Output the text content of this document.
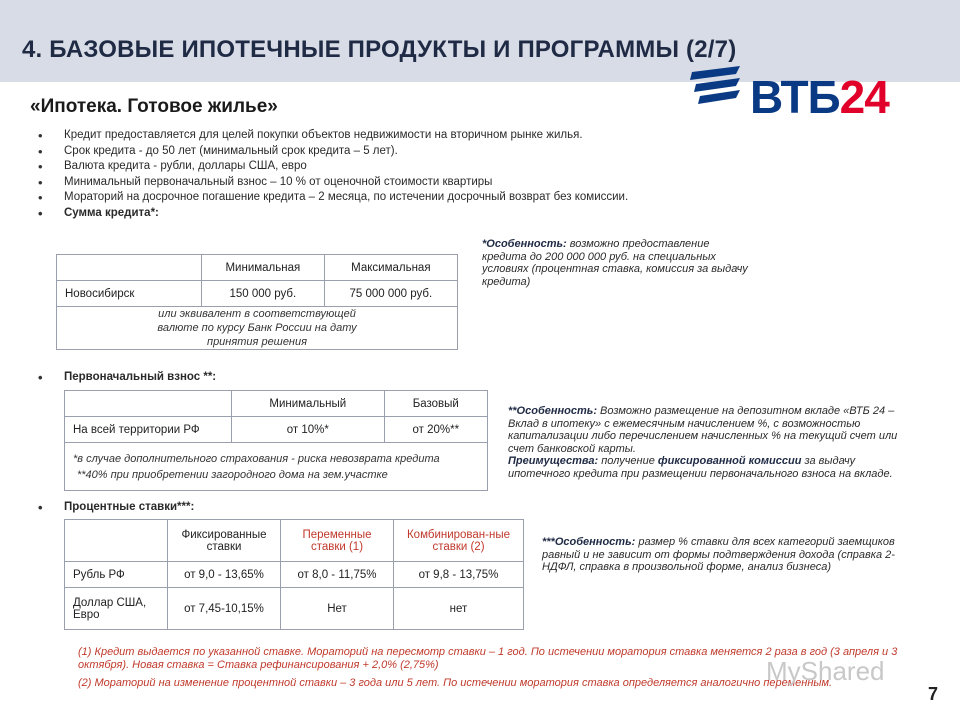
4. БАЗОВЫЕ ИПОТЕЧНЫЕ ПРОДУКТЫ И ПРОГРАММЫ (2/7)
ВТБ24
«Ипотека. Готовое жилье»
• Кредит предоставляется для целей покупки объектов недвижимости на вторичном рынке жилья.
• Срок кредита - до 50 лет (минимальный срок кредита – 5 лет).
• Валюта кредита - рубли, доллары США, евро
• Минимальный первоначальный взнос – 10 % от оценочной стоимости квартиры
• Мораторий на досрочное погашение кредита – 2 месяца, по истечении досрочный возврат без комиссии.
• Сумма кредита*:
	Минимальная	Максимальная
Новосибирск	150 000 руб.	75 000 000 руб.

или эквивалент в соответствующей валюте по курсу Банк России на дату принятия решения		
*Особенность: возможно предоставление кредита до 200 000 000 руб. на специальных условиях (процентная ставка, комиссия за выдачу кредита)
• Первоначальный взнос **:
	Минимальный	Базовый
На всей территории РФ	от 10%*	от 20%**

*в случае дополнительного страхования - риска невозврата кредита
**40% при приобретении загородного дома на зем.участке		
**Особенность: Возможно размещение на депозитном вкладе «ВТБ 24 – Вклад в ипотеку» с ежемесячным начислением %, с возможностью капитализации либо перечислением начисленных % на текущий счет или счет банковской карты.
Преимущества: получение фиксированной комиссии за выдачу ипотечного кредита при размещении первоначального взноса на вкладе.
• Процентные ставки***:
	Фиксированные ставки	Переменные ставки (1)	Комбинирован-ные ставки (2)
Рубль РФ	от 9,0 - 13,65%	от 8,0 - 11,75%	от 9,8 - 13,75%
Доллар США, Евро	от 7,45-10,15%	Нет	нет
***Особенность: размер % ставки для всех категорий заемщиков равный и не зависит от формы подтверждения дохода (справка 2-НДФЛ, справка в произвольной форме, анализ бизнеса)
(1) Кредит выдается по указанной ставке. Мораторий на пересмотр ставки – 1 год. По истечении моратория ставка меняется 2 раза в год (3 апреля и 3 октября). Новая ставка = Ставка рефинансирования + 2,0% (2,75%)
(2) Мораторий на изменение процентной ставки – 3 года или 5 лет. По истечении моратория ставка определяется аналогично переменным.
MyShared
7
